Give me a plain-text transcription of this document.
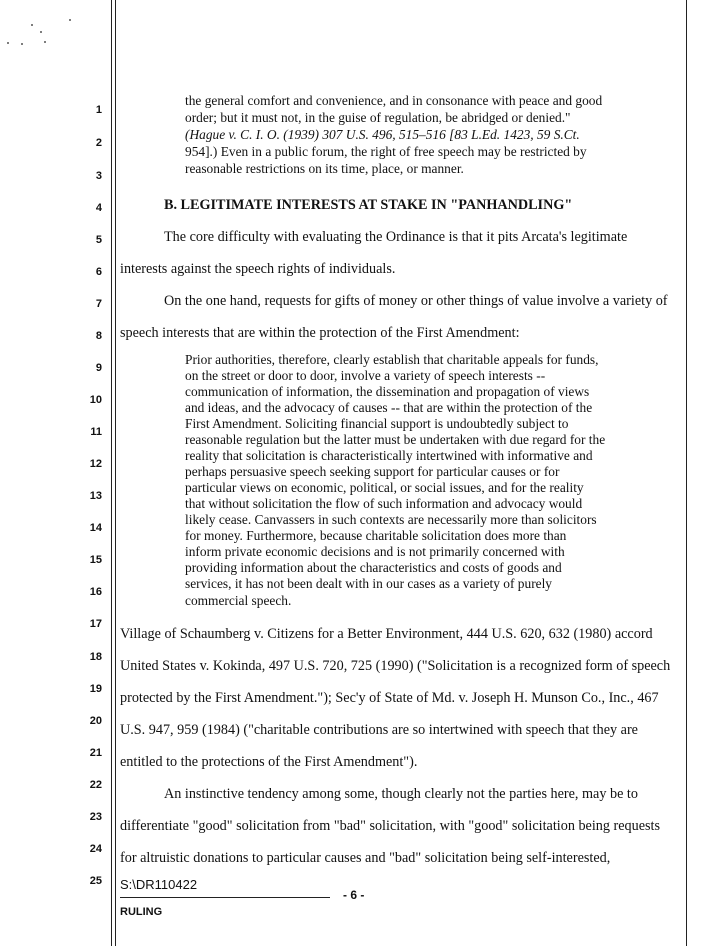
1
2
3
4
5
6
7
8
9
10
11
12
13
14
15
16
17
18
19
20
21
22
23
24
25
the general comfort and convenience, and in consonance with peace and good
order; but it must not, in the guise of regulation, be abridged or denied."
(Hague v. C. I. O. (1939) 307 U.S. 496, 515–516 [83 L.Ed. 1423, 59 S.Ct.
954].) Even in a public forum, the right of free speech may be restricted by
reasonable restrictions on its time, place, or manner.
B. LEGITIMATE INTERESTS AT STAKE IN "PANHANDLING"
The core difficulty with evaluating the Ordinance is that it pits Arcata's legitimate
interests against the speech rights of individuals.
On the one hand, requests for gifts of money or other things of value involve a variety of
speech interests that are within the protection of the First Amendment:
Prior authorities, therefore, clearly establish that charitable appeals for funds,
on the street or door to door, involve a variety of speech interests --
communication of information, the dissemination and propagation of views
and ideas, and the advocacy of causes -- that are within the protection of the
First Amendment. Soliciting financial support is undoubtedly subject to
reasonable regulation but the latter must be undertaken with due regard for the
reality that solicitation is characteristically intertwined with informative and
perhaps persuasive speech seeking support for particular causes or for
particular views on economic, political, or social issues, and for the reality
that without solicitation the flow of such information and advocacy would
likely cease. Canvassers in such contexts are necessarily more than solicitors
for money. Furthermore, because charitable solicitation does more than
inform private economic decisions and is not primarily concerned with
providing information about the characteristics and costs of goods and
services, it has not been dealt with in our cases as a variety of purely
commercial speech.
Village of Schaumberg v. Citizens for a Better Environment, 444 U.S. 620, 632 (1980) accord
United States v. Kokinda, 497 U.S. 720, 725 (1990) ("Solicitation is a recognized form of speech
protected by the First Amendment."); Sec'y of State of Md. v. Joseph H. Munson Co., Inc., 467
U.S. 947, 959 (1984) ("charitable contributions are so intertwined with speech that they are
entitled to the protections of the First Amendment").
An instinctive tendency among some, though clearly not the parties here, may be to
differentiate "good" solicitation from "bad" solicitation, with "good" solicitation being requests
for altruistic donations to particular causes and "bad" solicitation being self-interested,
S:\DR110422
- 6 -
RULING
